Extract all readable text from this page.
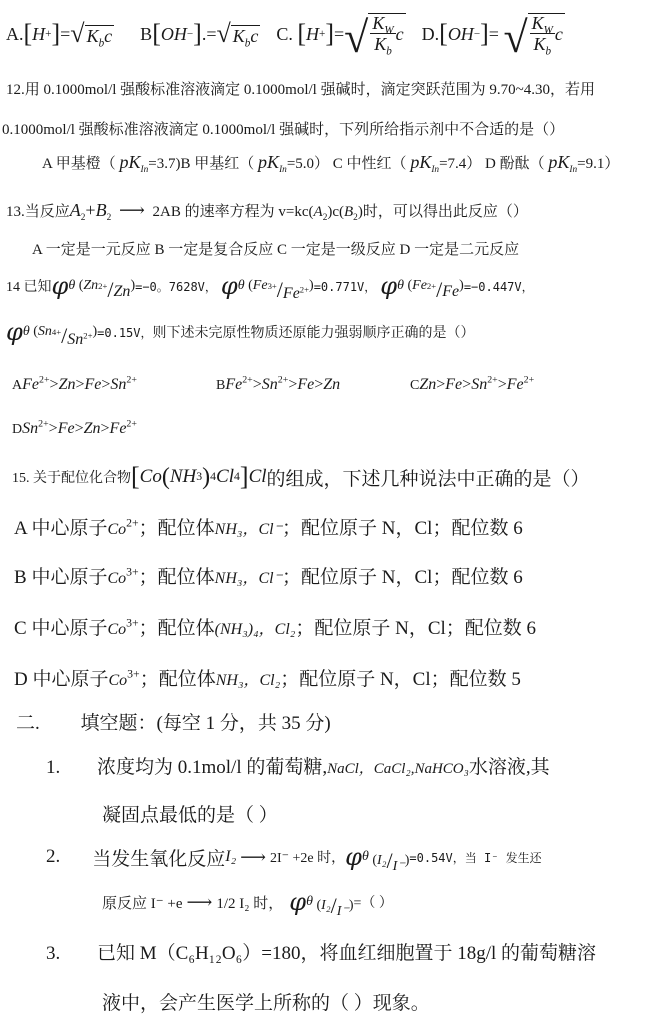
A. [ H + ] = √ $K_bc$ B [ OH − ] .= √ $K_bc$ C.
[ H + ] = √ $\frac{K_W}{K_b}$ c D. [ OH − ] = √ $\frac{K_W}{K_b}$ c
12.用 0.1000mol/l 强酸标准溶液滴定 0.1000mol/l 强碱时，滴定突跃范围为 9.70~4.30，若用
0.1000mol/l 强酸标准溶液滴定 0.1000mol/l 强碱时，下列所给指示剂中不合适的是（）
A 甲基橙（ $pK_{In}=3.7)B$ 甲基红（ $pK_{In}=5.0$） C 中性红（ $pK_{In}=7.4$） D 酚酞（ $pK_{In}=9.1$）
13.当反应$A_2+B_2$ ⟶ 2AB 的速率方程为 $v=kc(A_2)c(B_2)$时，可以得出此反应（）
A 一定是一元反应 B 一定是复合反应 C 一定是一级反应 D 一定是二元反应
14 已知 φ θ ( Zn 2+ / Zn ) =−0。7628V， φ θ ( Fe $3+ / Fe^{2+}$ ) =0.771V， φ θ ( Fe 2+ / Fe ) =−0.447V，
φ θ ( Sn $4+ / Sn^{2+}$ ) =0.15V， 则下述未完原性物质还原能力强弱顺序正确的是（）
$AFe^{2+}>Zn>Fe>Sn^{2+}$	$BFe^{2+}>Sn^{2+}>Fe>Zn$	$CZn>Fe>Sn^{2+}>Fe^{2+}$
$DSn^{2+}>Fe>Zn>Fe^{2+}$
15. 关于配位化合物 [ Co ( NH 3 ) 4 Cl 4 ] Cl 的组成，下述几种说法中正确的是（）
A 中心原子$Co^{2+}$；配位体NH₃，Cl⁻；配位原子 N，Cl；配位数 6
B 中心原子$Co^{3+}$；配位体NH₃，Cl⁻；配位原子 N，Cl；配位数 6
C 中心原子$Co^{3+}$；配位体(NH₃)₄，Cl₂；配位原子 N，Cl；配位数 6
D 中心原子$Co^{3+}$；配位体NH₃，Cl₂；配位原子 N，Cl；配位数 5
二. 填空题：(每空 1 分，共 35 分)
1. 浓度均为 0.1mol/l 的葡萄糖,NaCl，CaCl₂,NaHCO₃水溶液,其
凝固点最低的是（ ）
2. 当发生氧化反应 I₂ ⟶ 2I⁻ +2e 时， φ θ (I₂/I⁻) =0.54V，当 I⁻ 发生还
原反应 I⁻ +e ⟶ 1/2 I₂ 时， φ θ (I₂/I⁻) =（ ）
3. 已知 M（C₆H₁₂O₆）=180，将血红细胞置于 18g/l 的葡萄糖溶
液中，会产生医学上所称的（ ）现象。
